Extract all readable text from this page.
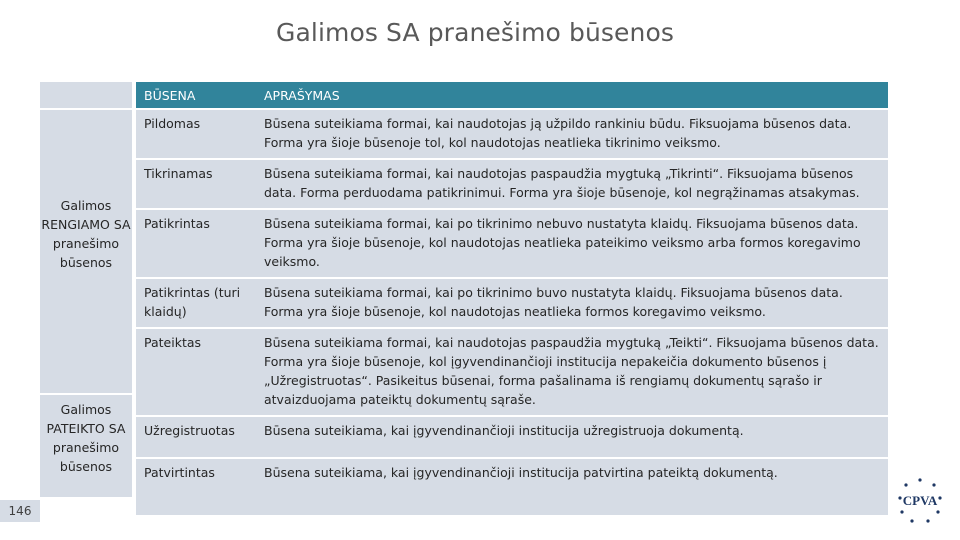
Galimos SA pranešimo būsenos
Galimos RENGIAMO SA pranešimo būsenos
Galimos PATEIKTO SA pranešimo būsenos
BŪSENA	APRAŠYMAS
Pildomas	Būsena suteikiama formai, kai naudotojas ją užpildo rankiniu būdu. Fiksuojama būsenos data. Forma yra šioje būsenoje tol, kol naudotojas neatlieka tikrinimo veiksmo.
Tikrinamas	Būsena suteikiama formai, kai naudotojas paspaudžia mygtuką „Tikrinti“. Fiksuojama būsenos data. Forma perduodama patikrinimui. Forma yra šioje būsenoje, kol negrąžinamas atsakymas.
Patikrintas	Būsena suteikiama formai, kai po tikrinimo nebuvo nustatyta klaidų. Fiksuojama būsenos data. Forma yra šioje būsenoje, kol naudotojas neatlieka pateikimo veiksmo arba formos koregavimo veiksmo.
Patikrintas (turi klaidų)	Būsena suteikiama formai, kai po tikrinimo buvo nustatyta klaidų. Fiksuojama būsenos data. Forma yra šioje būsenoje, kol naudotojas neatlieka formos koregavimo veiksmo.
Pateiktas	Būsena suteikiama formai, kai naudotojas paspaudžia mygtuką „Teikti“. Fiksuojama būsenos data. Forma yra šioje būsenoje, kol įgyvendinančioji institucija nepakeičia dokumento būsenos į „Užregistruotas“. Pasikeitus būsenai, forma pašalinama iš rengiamų dokumentų sąrašo ir atvaizduojama pateiktų dokumentų sąraše.
Užregistruotas	Būsena suteikiama, kai įgyvendinančioji institucija užregistruoja dokumentą.
Patvirtintas	Būsena suteikiama, kai įgyvendinančioji institucija patvirtina pateiktą dokumentą.
146
CPVA
